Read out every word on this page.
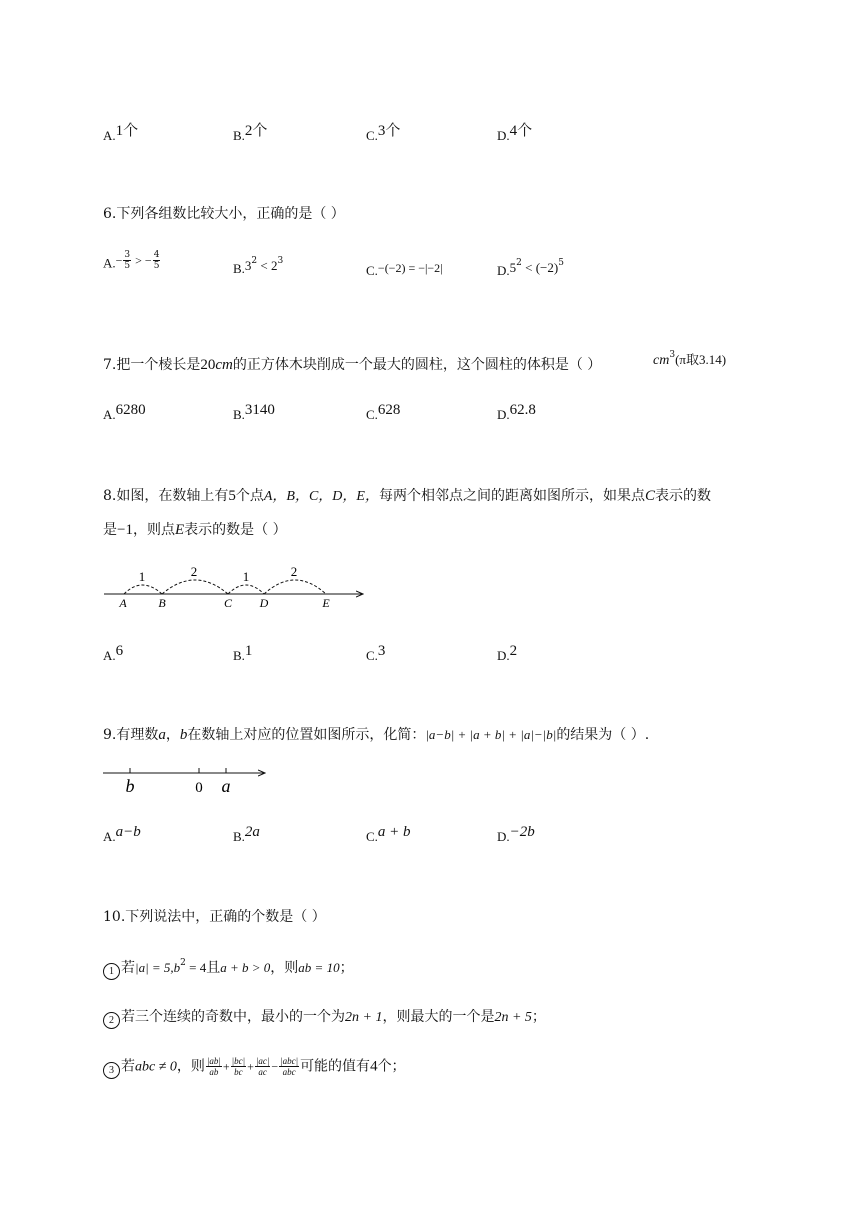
A.1个	B.2个	C.3个	D.4个
6.下列各组数比较大小，正确的是（ ）
$A.- \frac{3}{5}$ > − $\frac{4}{5}$	$B.3^2 < 2^3$
C.−(−2) = −|−2|	$D.5^2 < (-2)^5$
7.把一个棱长是20cm的正方体木块削成一个最大的圆柱，这个圆柱的体积是（ ）	$cm^3(\pi$取3.14)
A.6280	B.3140	C.628	D.62.8
8.如图，在数轴上有5个点A，B，C，D，E，每两个相邻点之间的距离如图所示，如果点C表示的数
是−1，则点E表示的数是（ ）
1	2	1	2
A	B	C D	E
A.6	B.1	C.3	D.2
9.有理数a，b在数轴上对应的位置如图所示，化简：|a−b| + |a + b| + |a|−|b|的结果为（ ）.
b	0 a
A.a−b	B.2a	C.a + b	D.−2b
10.下列说法中，正确的个数是（ ）
1 若$|a| = 5,b^2 = 4$且a + b > 0，则ab = 10；
2 若三个连续的奇数中，最小的一个为2n + 1，则最大的一个是2n + 5；
3 若abc ≠ 0，则 $\frac{|ab|}{ab} + \frac{|bc|}{bc} + \frac{|ac|}{ac} - \frac{\text{|abc|}}{\text{abc}}$ 可能的值有4个；
